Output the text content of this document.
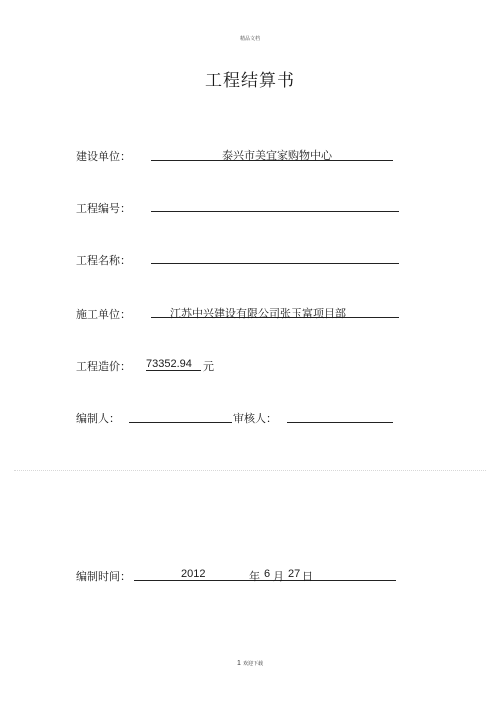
精品文档
工程结算书
建设单位：	泰兴市美宜家购物中心
工程编号：
工程名称：
施工单位：	江苏中兴建设有限公司张玉富项目部
工程造价： 73352.94 元
编制人：	审核人：
编制时间：	2012	年 6 月 27 日
1 欢迎下载
